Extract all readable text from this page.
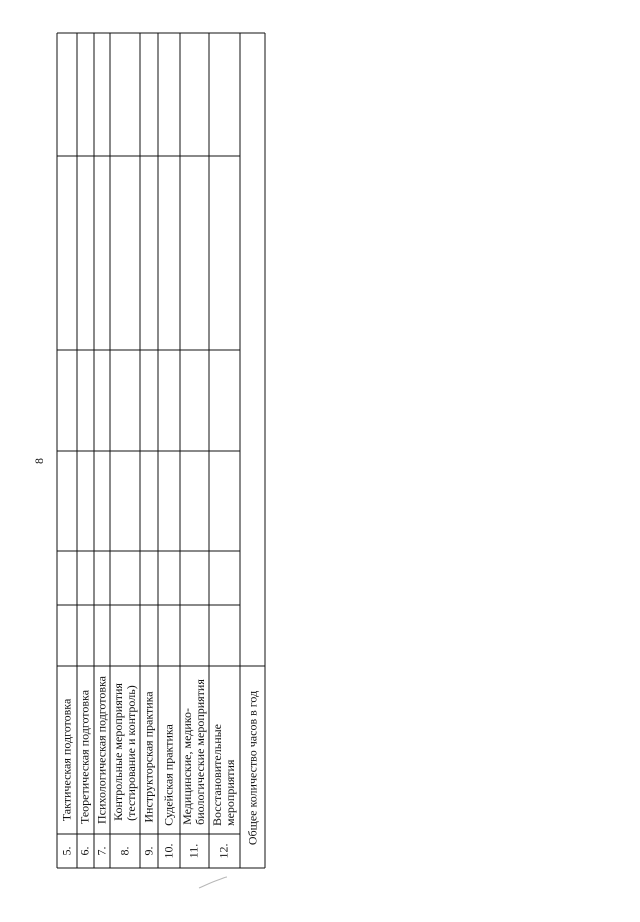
8
5. 6. 7. 8. 9. 10. 11. 12.
Тактическая подготовка Теоретическая подготовка Психологическая подготовка Контрольные мероприятия
(тестирование и контроль) Инструкторская практика Судейская практика Медицинские, медико-
биологические мероприятия
Восстановительные
мероприятия Общее количество часов в год
